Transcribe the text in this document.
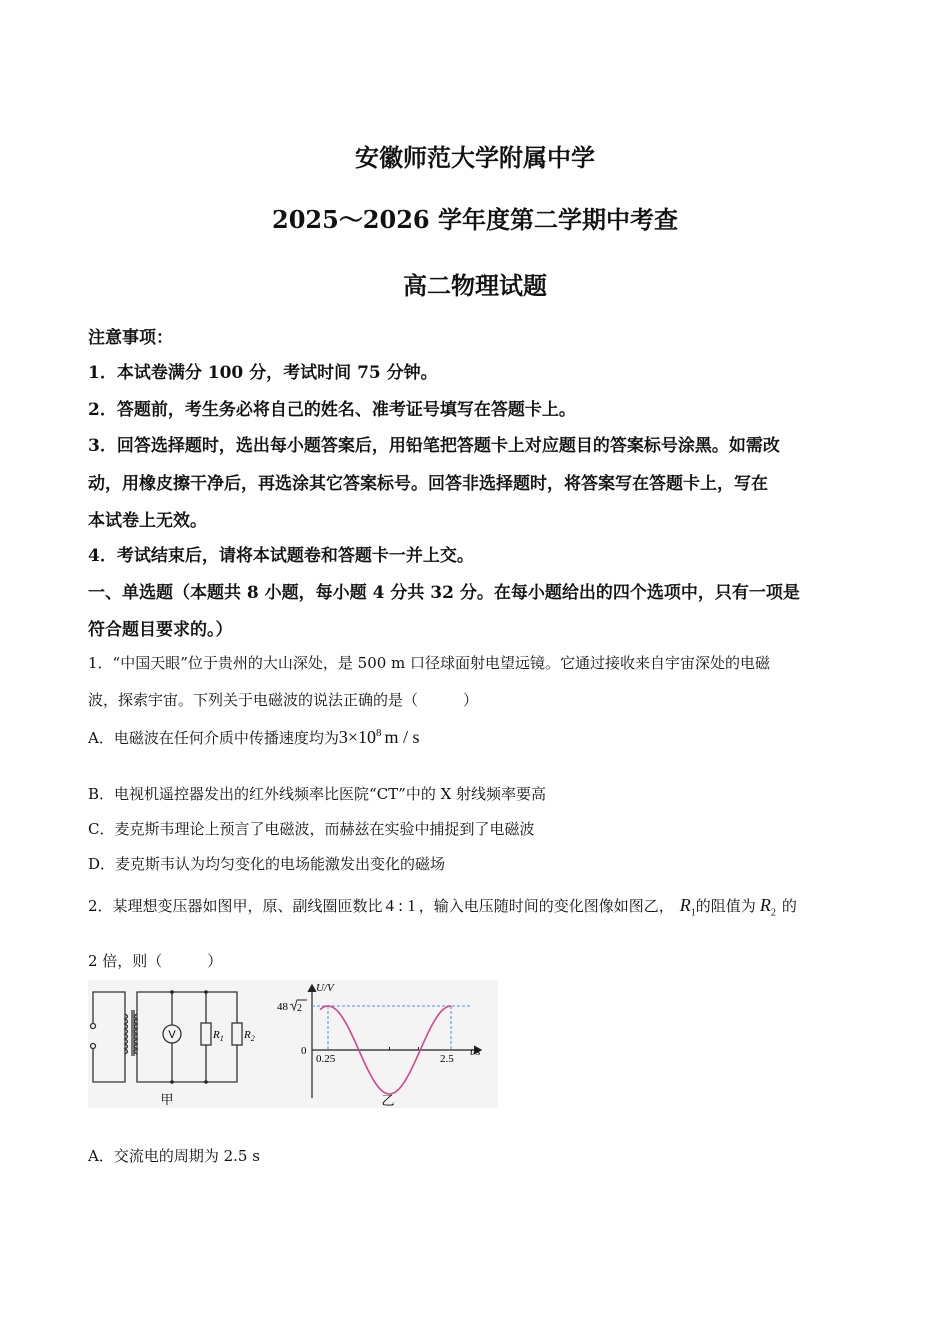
安徽师范大学附属中学
2025～2026 学年度第二学期中考查
高二物理试题
注意事项：
1．本试卷满分 100 分，考试时间 75 分钟。
2．答题前，考生务必将自己的姓名、准考证号填写在答题卡上。
3．回答选择题时，选出每小题答案后，用铅笔把答题卡上对应题目的答案标号涂黑。如需改
动，用橡皮擦干净后，再选涂其它答案标号。回答非选择题时，将答案写在答题卡上，写在
本试卷上无效。
4．考试结束后，请将本试题卷和答题卡一并上交。
一、单选题（本题共 8 小题，每小题 4 分共 32 分。在每小题给出的四个选项中，只有一项是
符合题目要求的。）
1．“中国天眼”位于贵州的大山深处，是 500 m 口径球面射电望远镜。它通过接收来自宇宙深处的电磁
波，探索宇宙。下列关于电磁波的说法正确的是（　　　）
A．电磁波在任何介质中传播速度均为$3\times 10^8$ m / s
B．电视机遥控器发出的红外线频率比医院“CT”中的 X 射线频率要高
C．麦克斯韦理论上预言了电磁波，而赫兹在实验中捕捉到了电磁波
D．麦克斯韦认为均匀变化的电场能激发出变化的磁场
2．某理想变压器如图甲，原、副线圈匝数比 4 : 1 ，输入电压随时间的变化图像如图乙， $R_1$的阻值为 $R_2$ 的
2 倍，则（　　　）
V	$R_1$ $R_2$
甲
U/V
t/s
48 2
0
0.25	2.5
乙
A．交流电的周期为 2.5 s
